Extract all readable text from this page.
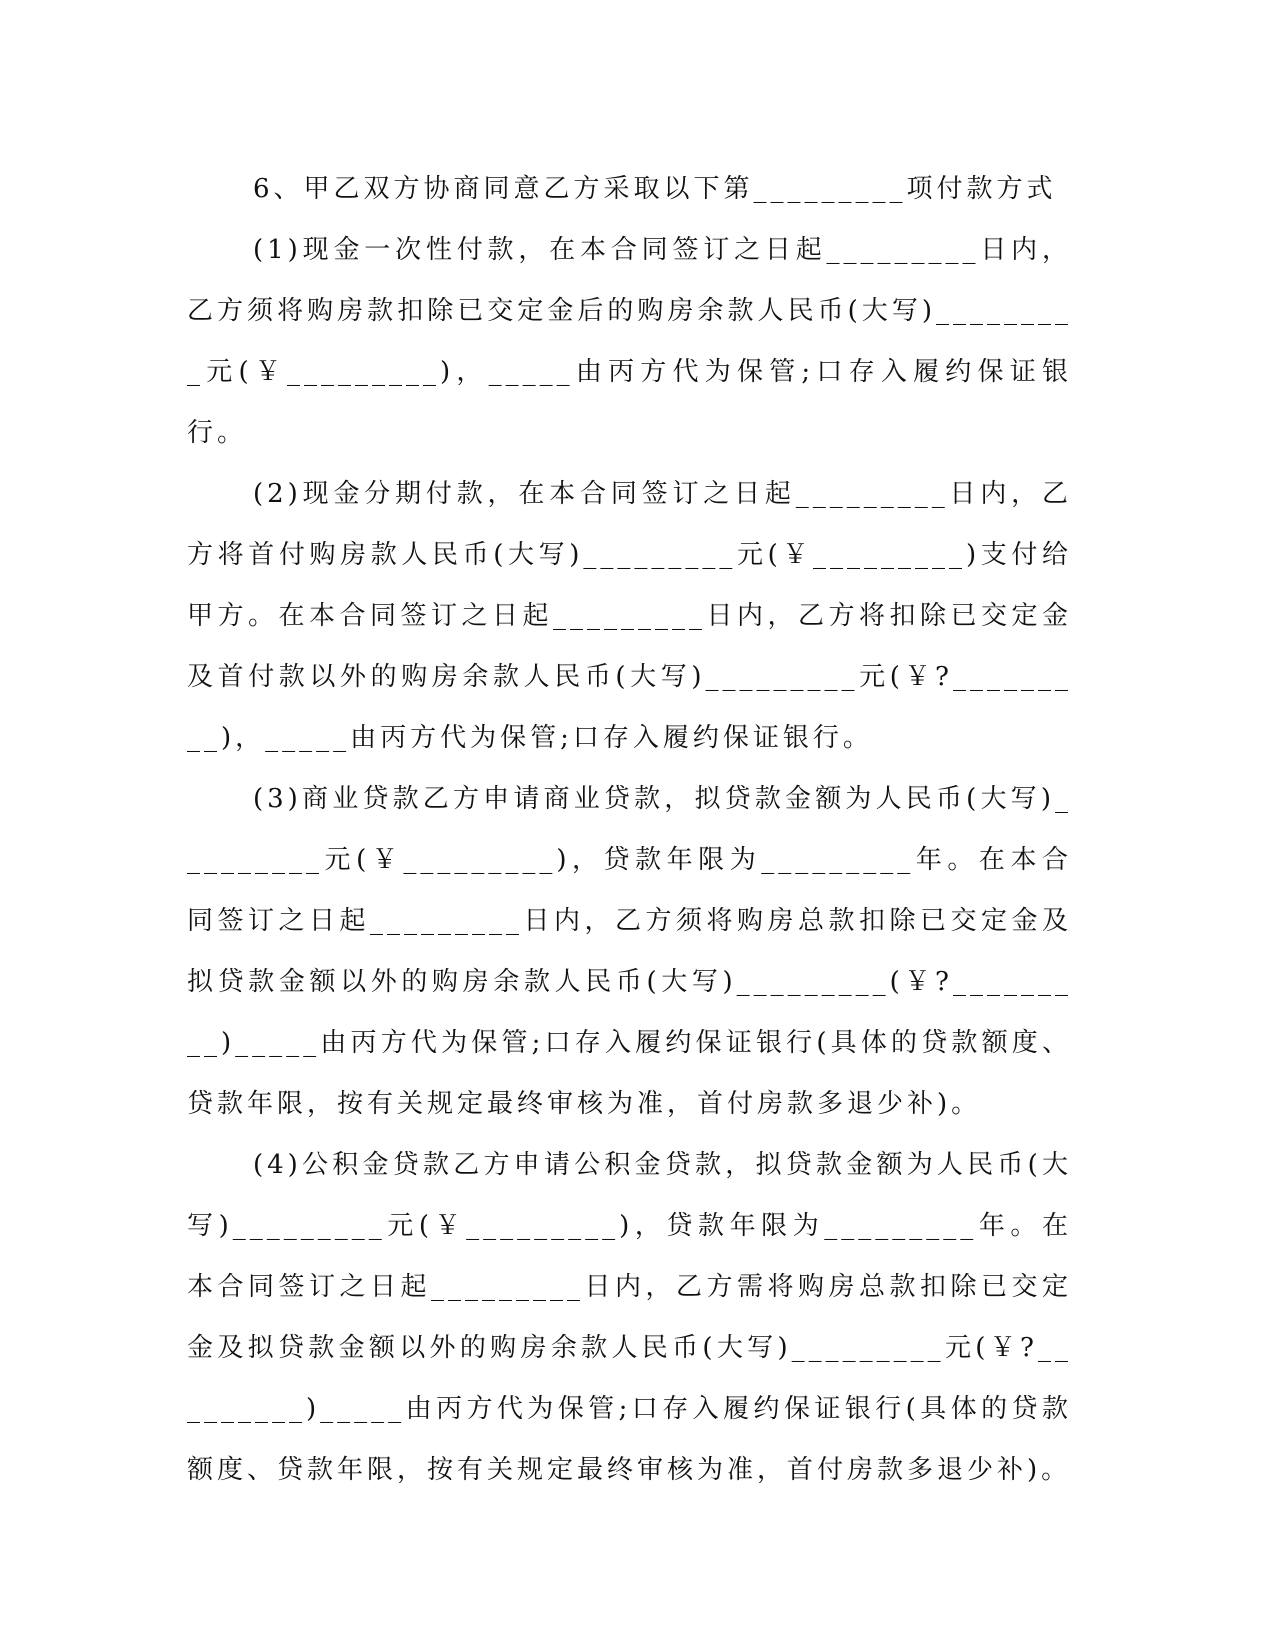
6、甲乙双方协商同意乙方采取以下第_________项付款方式

(1)现金一次性付款，在本合同签订之日起_________日内，乙方须将购房款扣除已交定金后的购房余款人民币(大写)_________元(￥_________)，_____由丙方代为保管;口存入履约保证银行。

(2)现金分期付款，在本合同签订之日起_________日内，乙方将首付购房款人民币(大写)_________元(￥_________)支付给甲方。在本合同签订之日起_________日内，乙方将扣除已交定金及首付款以外的购房余款人民币(大写)_________元(￥?_________)，_____由丙方代为保管;口存入履约保证银行。

(3)商业贷款乙方申请商业贷款，拟贷款金额为人民币(大写)_________元(￥_________)，贷款年限为_________年。在本合同签订之日起_________日内，乙方须将购房总款扣除已交定金及拟贷款金额以外的购房余款人民币(大写)_________(￥?_________)_____由丙方代为保管;口存入履约保证银行(具体的贷款额度、贷款年限，按有关规定最终审核为准，首付房款多退少补)。

(4)公积金贷款乙方申请公积金贷款，拟贷款金额为人民币(大写)_________元(￥_________)，贷款年限为_________年。在本合同签订之日起_________日内，乙方需将购房总款扣除已交定金及拟贷款金额以外的购房余款人民币(大写)_________元(￥?_________)_____由丙方代为保管;口存入履约保证银行(具体的贷款额度、贷款年限，按有关规定最终审核为准，首付房款多退少补)。
